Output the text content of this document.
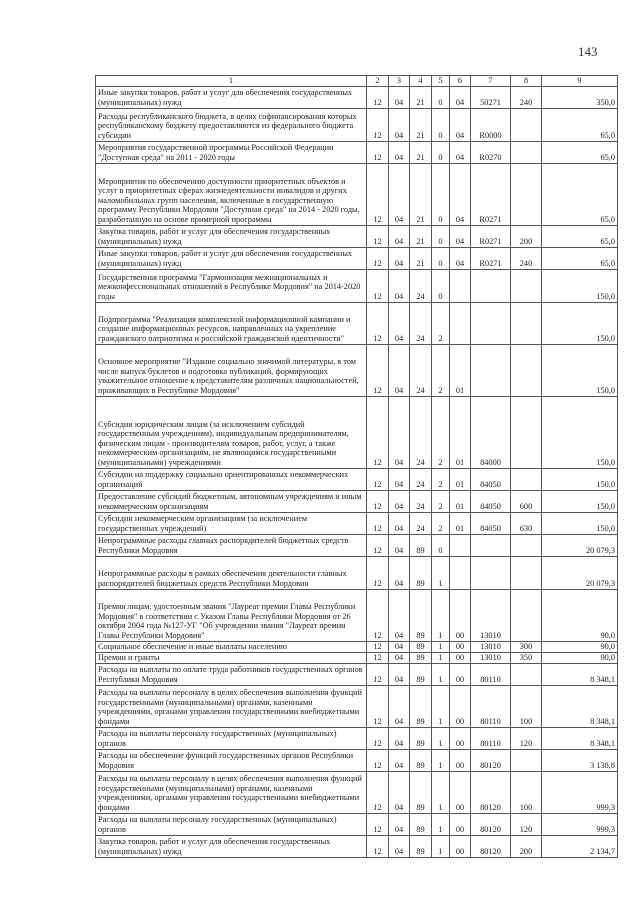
143
1	2	3	4	5	6	7	8	9
Иные закупки товаров, работ и услуг для обеспечения государственных (муниципальных) нужд	12	04	21	0	04	50271	240	350,0
Расходы республиканского бюджета, в целях софинансирования которых республиканскому бюджету предоставляются из федерального бюджета субсидии	12	04	21	0	04	R0000		65,0
Мероприятия государственной программы Российской Федерации "Доступная среда" на 2011 - 2020 годы	12	04	21	0	04	R0270		65,0
Мероприятия по обеспечению доступности приоритетных объектов и услуг в приоритетных сферах жизнедеятельности инвалидов и других маломобильных групп населения, включенные в государственную программу Республики Мордовия "Доступная среда" на 2014 - 2020 годы, разработанную на основе примерной программы	12	04	21	0	04	R0271		65,0
Закупка товаров, работ и услуг для обеспечения государственных (муниципальных) нужд	12	04	21	0	04	R0271	200	65,0
Иные закупки товаров, работ и услуг для обеспечения государственных (муниципальных) нужд	12	04	21	0	04	R0271	240	65,0
Государственная программа "Гармонизация межнациональных и межконфессиональных отношений в Республике Мордовия" на 2014-2020 годы	12	04	24	0				150,0
Подпрограмма "Реализация комплексной информационной кампании и создание информационных ресурсов, направленных на укрепление гражданского патриотизма и российской гражданской идентичности"	12	04	24	2				150,0
Основное мероприятие "Издание социально значимой литературы, в том числе выпуск буклетов и подготовка публикаций, формирующих уважительное отношение к представителям различных национальностей, проживающих в Республике Мордовия"	12	04	24	2	01			150,0
Субсидии юридическим лицам (за исключением субсидий государственным учреждениям), индивидуальным предпринимателям, физическим лицам - производителям товаров, работ, услуг, а также некоммерческим организациям, не являющимся государственными (муниципальными) учреждениями	12	04	24	2	01	84000		150,0
Субсидии на поддержку социально ориентированных некоммерческих организаций	12	04	24	2	01	84050		150,0
Предоставление субсидий бюджетным, автономным учреждениям и иным некоммерческим организациям	12	04	24	2	01	84050	600	150,0
Субсидии некоммерческим организациям (за исключением государственных учреждений)	12	04	24	2	01	84050	630	150,0
Непрограммные расходы главных распорядителей бюджетных средств Республики Мордовия	12	04	89	0				20 079,3
Непрограммные расходы в рамках обеспечения деятельности главных распорядителей бюджетных средств Республики Мордовия	12	04	89	1				20 079,3
Премия лицам, удостоенным звания "Лауреат премии Главы Республики Мордовия" в соответствии с Указом Главы Республики Мордовия от 26 октября 2004 года №127-УГ "Об учреждении звания "Лауреат премии Главы Республики Мордовия"	12	04	89	1	00	13010		90,0
Социальное обеспечение и иные выплаты населению	12	04	89	1	00	13010	300	90,0
Премии и гранты	12	04	89	1	00	13010	350	90,0
Расходы на выплаты по оплате труда работников государственных органов Республики Мордовия	12	04	89	1	00	80110		8 348,1
Расходы на выплаты персоналу в целях обеспечения выполнения функций государственными (муниципальными) органами, казенными учреждениями, органами управления государственными внебюджетными фондами	12	04	89	1	00	80110	100	8 348,1
Расходы на выплаты персоналу государственных (муниципальных) органов	12	04	89	1	00	80110	120	8 348,1
Расходы на обеспечение функций государственных органов Республики Мордовия	12	04	89	1	00	80120		3 138,8
Расходы на выплаты персоналу в целях обеспечения выполнения функций государственными (муниципальными) органами, казенными учреждениями, органами управления государственными внебюджетными фондами	12	04	89	1	00	80120	100	999,3
Расходы на выплаты персоналу государственных (муниципальных) органов	12	04	89	1	00	80120	120	999,3
Закупка товаров, работ и услуг для обеспечения государственных (муниципальных) нужд	12	04	89	1	00	80120	200	2 134,7
